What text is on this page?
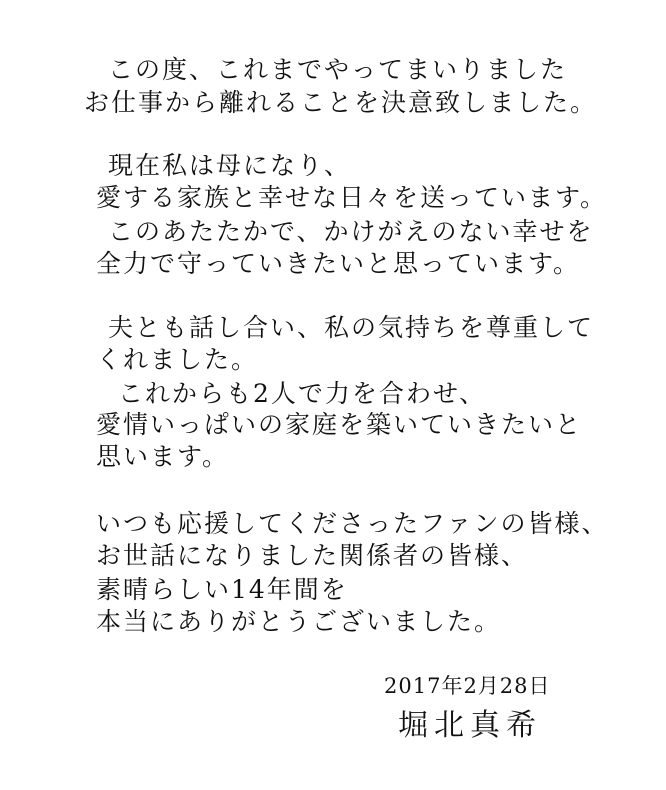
この度、これまでやってまいりました
お仕事から離れることを決意致しました。
現在私は母になり、
愛する家族と幸せな日々を送っています。
このあたたかで、かけがえのない幸せを
全力で守っていきたいと思っています。
夫とも話し合い、私の気持ちを尊重して
くれました。
これからも2人で力を合わせ、
愛情いっぱいの家庭を築いていきたいと
思います。
いつも応援してくださったファンの皆様、
お世話になりました関係者の皆様、
素晴らしい14年間を
本当にありがとうございました。
2017年2月28日
堀北真希
